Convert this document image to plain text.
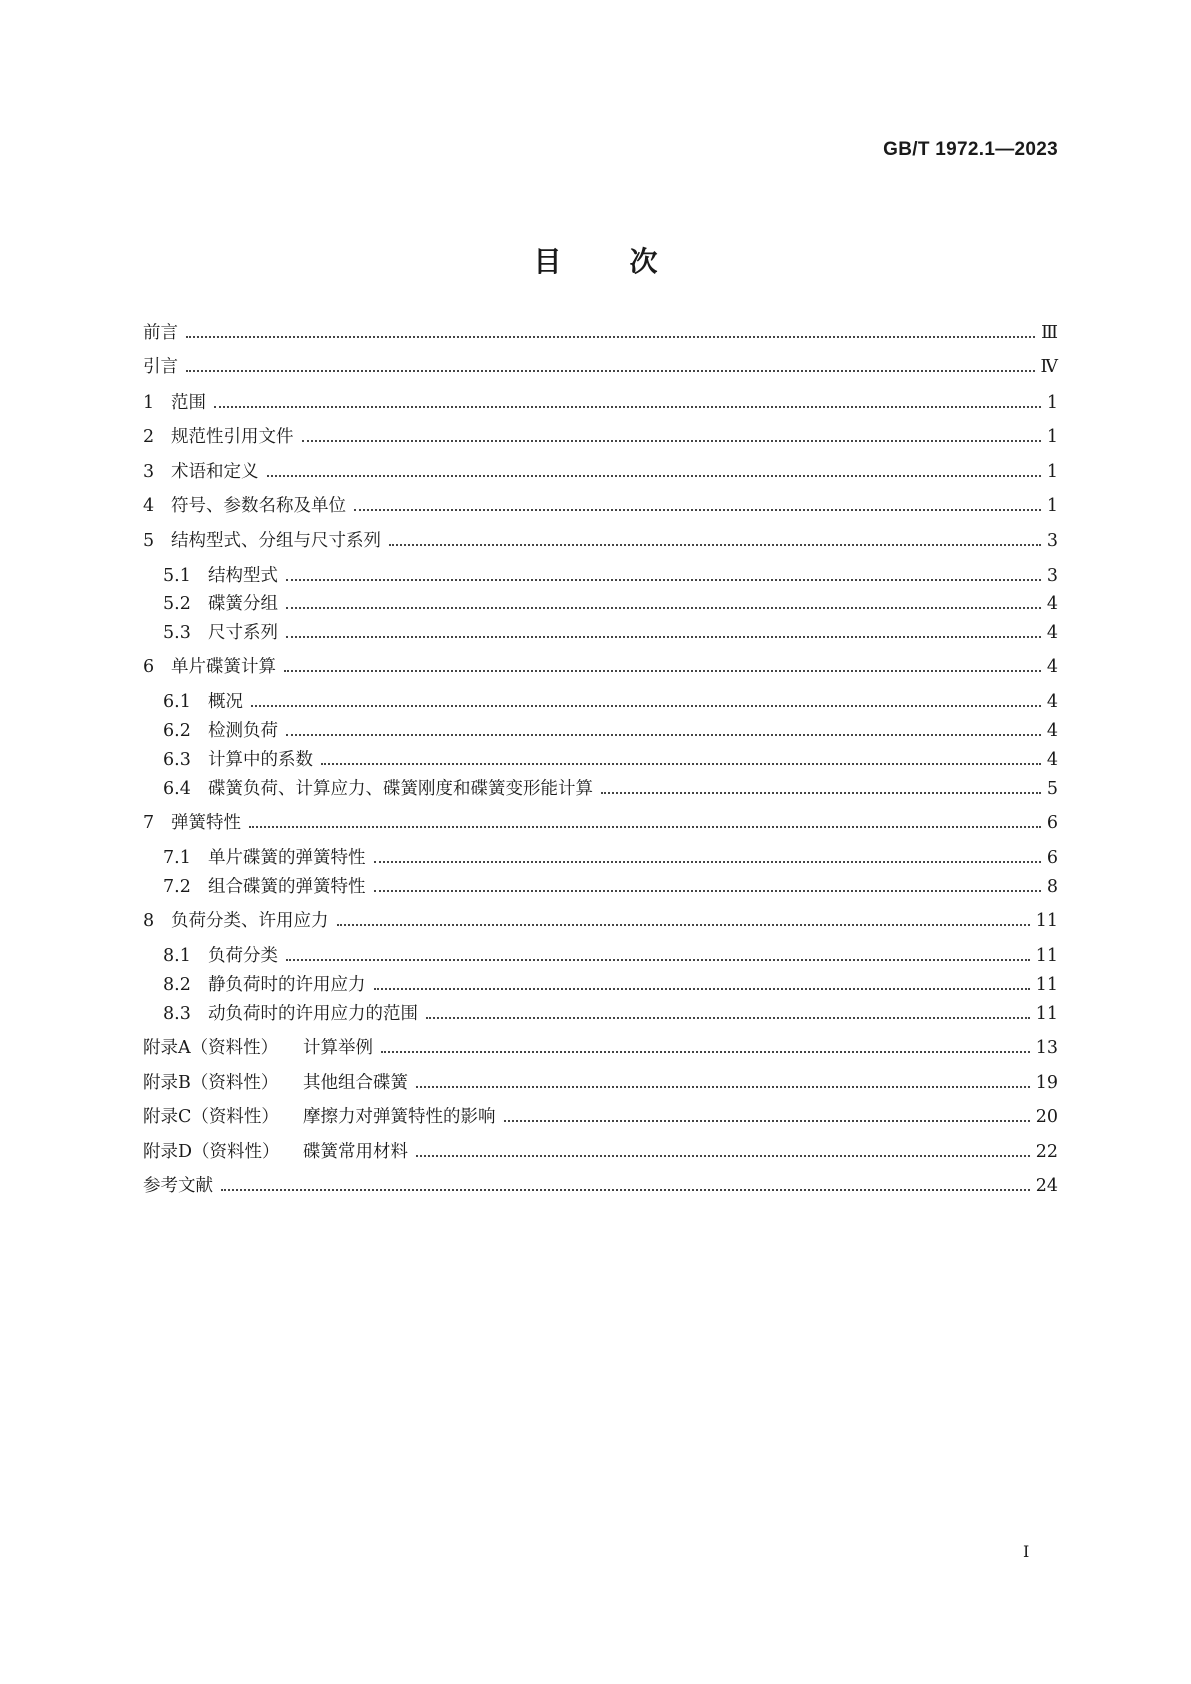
GB/T 1972.1—2023
目 次
前言	Ⅲ
引言	Ⅳ
1 范围	1
2 规范性引用文件	1
3 术语和定义	1
4 符号、参数名称及单位	1
5 结构型式、分组与尺寸系列	3
5.1 结构型式	3
5.2 碟簧分组	4
5.3 尺寸系列	4
6 单片碟簧计算	4
6.1 概况	4
6.2 检测负荷	4
6.3 计算中的系数	4
6.4 碟簧负荷、计算应力、碟簧刚度和碟簧变形能计算	5
7 弹簧特性	6
7.1 单片碟簧的弹簧特性	6
7.2 组合碟簧的弹簧特性	8
8 负荷分类、许用应力	11
8.1 负荷分类	11
8.2 静负荷时的许用应力	11
8.3 动负荷时的许用应力的范围	11
附录A（资料性）	计算举例	13
附录B（资料性）	其他组合碟簧	19
附录C（资料性）	摩擦力对弹簧特性的影响	20
附录D（资料性）	碟簧常用材料	22
参考文献	24
I
